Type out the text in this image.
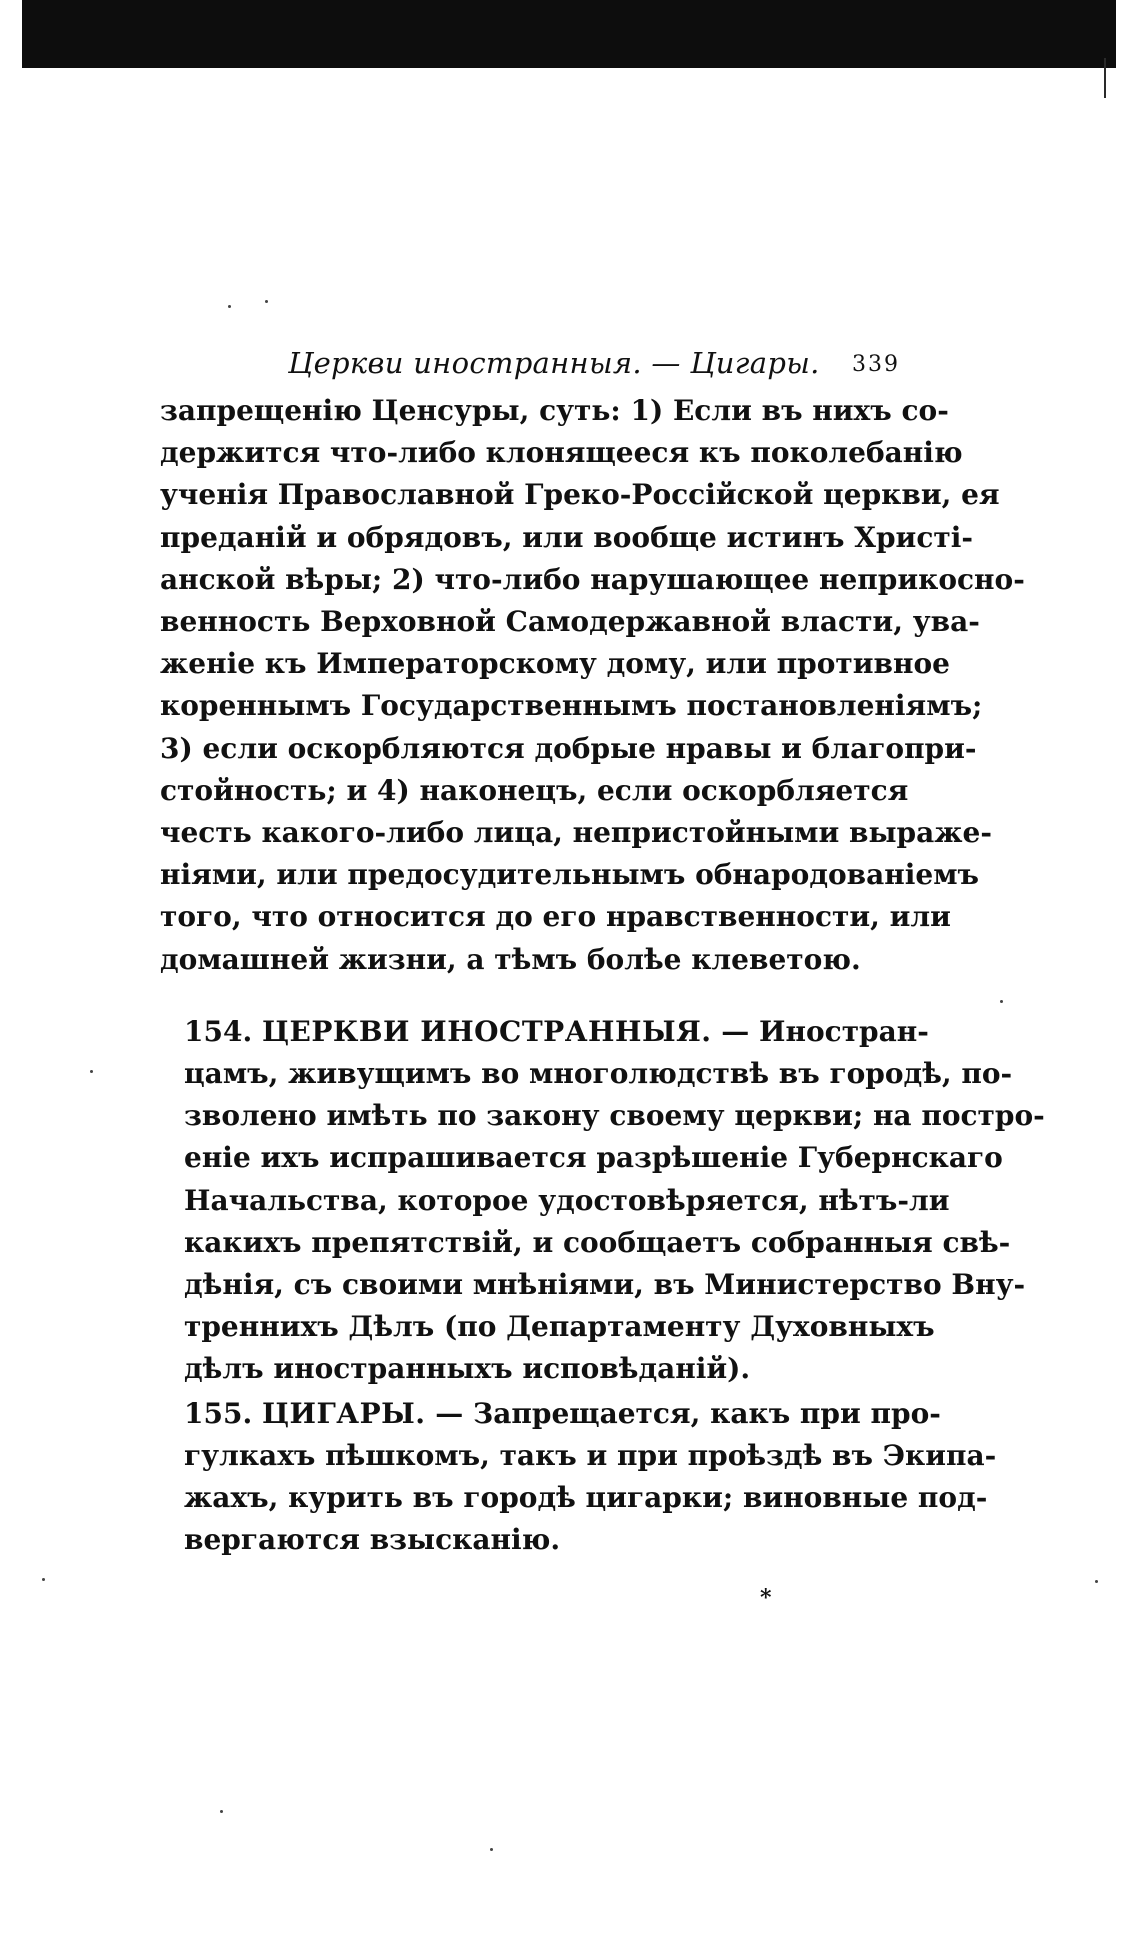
Церкви иностранныя. — Цигары. 339

запрещенію Ценсуры, суть: 1) Если въ нихъ со-
держится что-либо клонящееся къ поколебанію
ученія Православной Греко-Россійской церкви, ея
преданій и обрядовъ, или вообще истинъ Христі-
анской вѣры; 2) что-либо нарушающее неприкосно-
венность Верховной Самодержавной власти, ува-
женіе къ Императорскому дому, или противное
кореннымъ Государственнымъ постановленіямъ;
3) если оскорбляются добрые нравы и благопри-
стойность; и 4) наконецъ, если оскорбляется
честь какого-либо лица, непристойными выраже-
ніями, или предосудительнымъ обнародованіемъ
того, что относится до его нравственности, или
домашней жизни, а тѣмъ болѣе клеветою.

154. ЦЕРКВИ ИНОСТРАННЫЯ. — Иностран-
цамъ, живущимъ во многолюдствѣ въ городѣ, по-
зволено имѣть по закону своему церкви; на постро-
еніе ихъ испрашивается разрѣшеніе Губернскаго
Начальства, которое удостовѣряется, нѣтъ-ли
какихъ препятствій, и сообщаетъ собранныя свѣ-
дѣнія, съ своими мнѣніями, въ Министерство Вну-
треннихъ Дѣлъ (по Департаменту Духовныхъ
дѣлъ иностранныхъ исповѣданій).

155. ЦИГАРЫ. — Запрещается, какъ при про-
гулкахъ пѣшкомъ, такъ и при проѣздѣ въ Экипа-
жахъ, курить въ городѣ цигарки; виновные под-
вергаются взысканію.

*
